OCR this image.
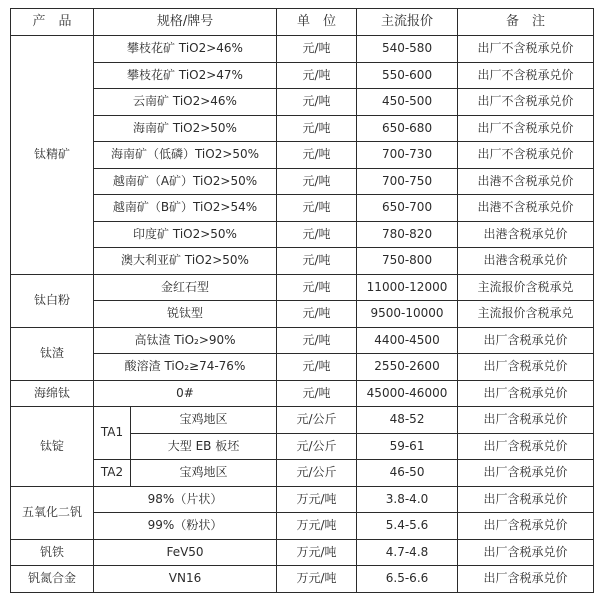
产　品	规格/牌号		单　位	主流报价	备　注
钛精矿	攀枝花矿 TiO2>46%		元/吨	540-580	出厂不含税承兑价
	攀枝花矿 TiO2>47%		元/吨	550-600	出厂不含税承兑价
	云南矿 TiO2>46%		元/吨	450-500	出厂不含税承兑价
	海南矿 TiO2>50%		元/吨	650-680	出厂不含税承兑价
	海南矿（低磷）TiO2>50%		元/吨	700-730	出厂不含税承兑价
	越南矿（A矿）TiO2>50%		元/吨	700-750	出港不含税承兑价
	越南矿（B矿）TiO2>54%		元/吨	650-700	出港不含税承兑价
	印度矿 TiO2>50%		元/吨	780-820	出港含税承兑价
	澳大利亚矿 TiO2>50%		元/吨	750-800	出港含税承兑价
钛白粉	金红石型		元/吨	11000-12000	主流报价含税承兑
	锐钛型		元/吨	9500-10000	主流报价含税承兑
钛渣	高钛渣 TiO₂>90%		元/吨	4400-4500	出厂含税承兑价
	酸溶渣 TiO₂≥74-76%		元/吨	2550-2600	出厂含税承兑价
海绵钛	0#		元/吨	45000-46000	出厂含税承兑价
钛锭	TA1	宝鸡地区	元/公斤	48-52	出厂含税承兑价
		大型 EB 板坯	元/公斤	59-61	出厂含税承兑价
	TA2	宝鸡地区	元/公斤	46-50	出厂含税承兑价
五氧化二钒	98%（片状）		万元/吨	3.8-4.0	出厂含税承兑价
	99%（粉状）		万元/吨	5.4-5.6	出厂含税承兑价
钒铁	FeV50		万元/吨	4.7-4.8	出厂含税承兑价
钒氮合金	VN16		万元/吨	6.5-6.6	出厂含税承兑价
